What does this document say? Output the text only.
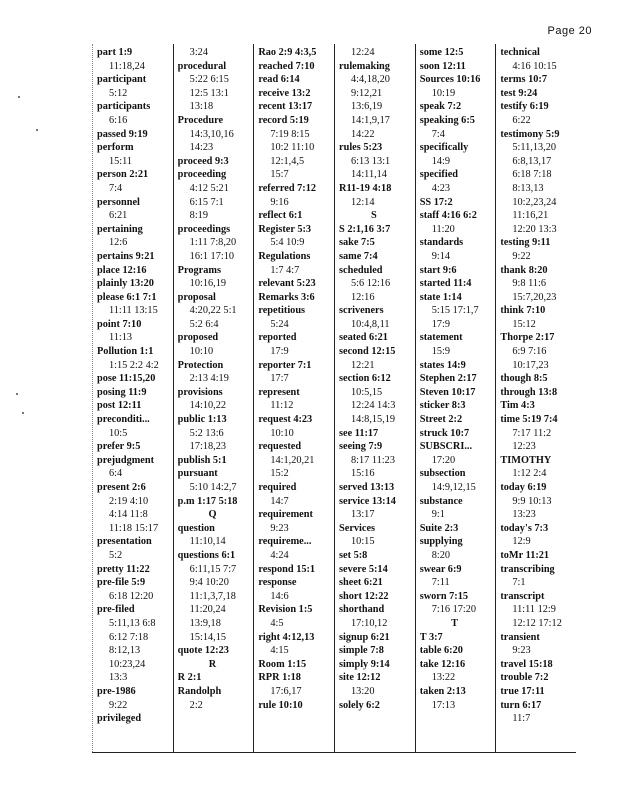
Page 20
part 1:9
11:18,24
participant
5:12
participants
6:16
passed 9:19
perform
15:11
person 2:21
7:4
personnel
6:21
pertaining
12:6
pertains 9:21
place 12:16
plainly 13:20
please 6:1 7:1
11:11 13:15
point 7:10
11:13
Pollution 1:1
1:15 2:2 4:2
pose 11:15,20
posing 11:9
post 12:11
preconditi...
10:5
prefer 9:5
prejudgment
6:4
present 2:6
2:19 4:10
4:14 11:8
11:18 15:17
presentation
5:2
pretty 11:22
pre-file 5:9
6:18 12:20
pre-filed
5:11,13 6:8
6:12 7:18
8:12,13
10:23,24
13:3
pre-1986
9:22
privileged
3:24
procedural
5:22 6:15
12:5 13:1
13:18
Procedure
14:3,10,16
14:23
proceed 9:3
proceeding
4:12 5:21
6:15 7:1
8:19
proceedings
1:11 7:8,20
16:1 17:10
Programs
10:16,19
proposal
4:20,22 5:1
5:2 6:4
proposed
10:10
Protection
2:13 4:19
provisions
14:10,22
public 1:13
5:2 13:6
17:18,23
publish 5:1
pursuant
5:10 14:2,7
p.m 1:17 5:18
Q
question
11:10,14
questions 6:1
6:11,15 7:7
9:4 10:20
11:1,3,7,18
11:20,24
13:9,18
15:14,15
quote 12:23
R
R 2:1
Randolph
2:2
Rao 2:9 4:3,5
reached 7:10
read 6:14
receive 13:2
recent 13:17
record 5:19
7:19 8:15
10:2 11:10
12:1,4,5
15:7
referred 7:12
9:16
reflect 6:1
Register 5:3
5:4 10:9
Regulations
1:7 4:7
relevant 5:23
Remarks 3:6
repetitious
5:24
reported
17:9
reporter 7:1
17:7
represent
11:12
request 4:23
10:10
requested
14:1,20,21
15:2
required
14:7
requirement
9:23
requireme...
4:24
respond 15:1
response
14:6
Revision 1:5
4:5
right 4:12,13
4:15
Room 1:15
RPR 1:18
17:6,17
rule 10:10
12:24
rulemaking
4:4,18,20
9:12,21
13:6,19
14:1,9,17
14:22
rules 5:23
6:13 13:1
14:11,14
R11-19 4:18
12:14
S
S 2:1,16 3:7
sake 7:5
same 7:4
scheduled
5:6 12:16
12:16
scriveners
10:4,8,11
seated 6:21
second 12:15
12:21
section 6:12
10:5,15
12:24 14:3
14:8,15,19
see 11:17
seeing 7:9
8:17 11:23
15:16
served 13:13
service 13:14
13:17
Services
10:15
set 5:8
severe 5:14
sheet 6:21
short 12:22
shorthand
17:10,12
signup 6:21
simple 7:8
simply 9:14
site 12:12
13:20
solely 6:2
some 12:5
soon 12:11
Sources 10:16
10:19
speak 7:2
speaking 6:5
7:4
specifically
14:9
specified
4:23
SS 17:2
staff 4:16 6:2
11:20
standards
9:14
start 9:6
started 11:4
state 1:14
5:15 17:1,7
17:9
statement
15:9
states 14:9
Stephen 2:17
Steven 10:17
sticker 8:3
Street 2:2
struck 10:7
SUBSCRI...
17:20
subsection
14:9,12,15
substance
9:1
Suite 2:3
supplying
8:20
swear 6:9
7:11
sworn 7:15
7:16 17:20
T
T 3:7
table 6:20
take 12:16
13:22
taken 2:13
17:13
technical
4:16 10:15
terms 10:7
test 9:24
testify 6:19
6:22
testimony 5:9
5:11,13,20
6:8,13,17
6:18 7:18
8:13,13
10:2,23,24
11:16,21
12:20 13:3
testing 9:11
9:22
thank 8:20
9:8 11:6
15:7,20,23
think 7:10
15:12
Thorpe 2:17
6:9 7:16
10:17,23
though 8:5
through 13:8
Tim 4:3
time 5:19 7:4
7:17 11:2
12:23
TIMOTHY
1:12 2:4
today 6:19
9:9 10:13
13:23
today's 7:3
12:9
toMr 11:21
transcribing
7:1
transcript
11:11 12:9
12:12 17:12
transient
9:23
travel 15:18
trouble 7:2
true 17:11
turn 6:17
11:7
